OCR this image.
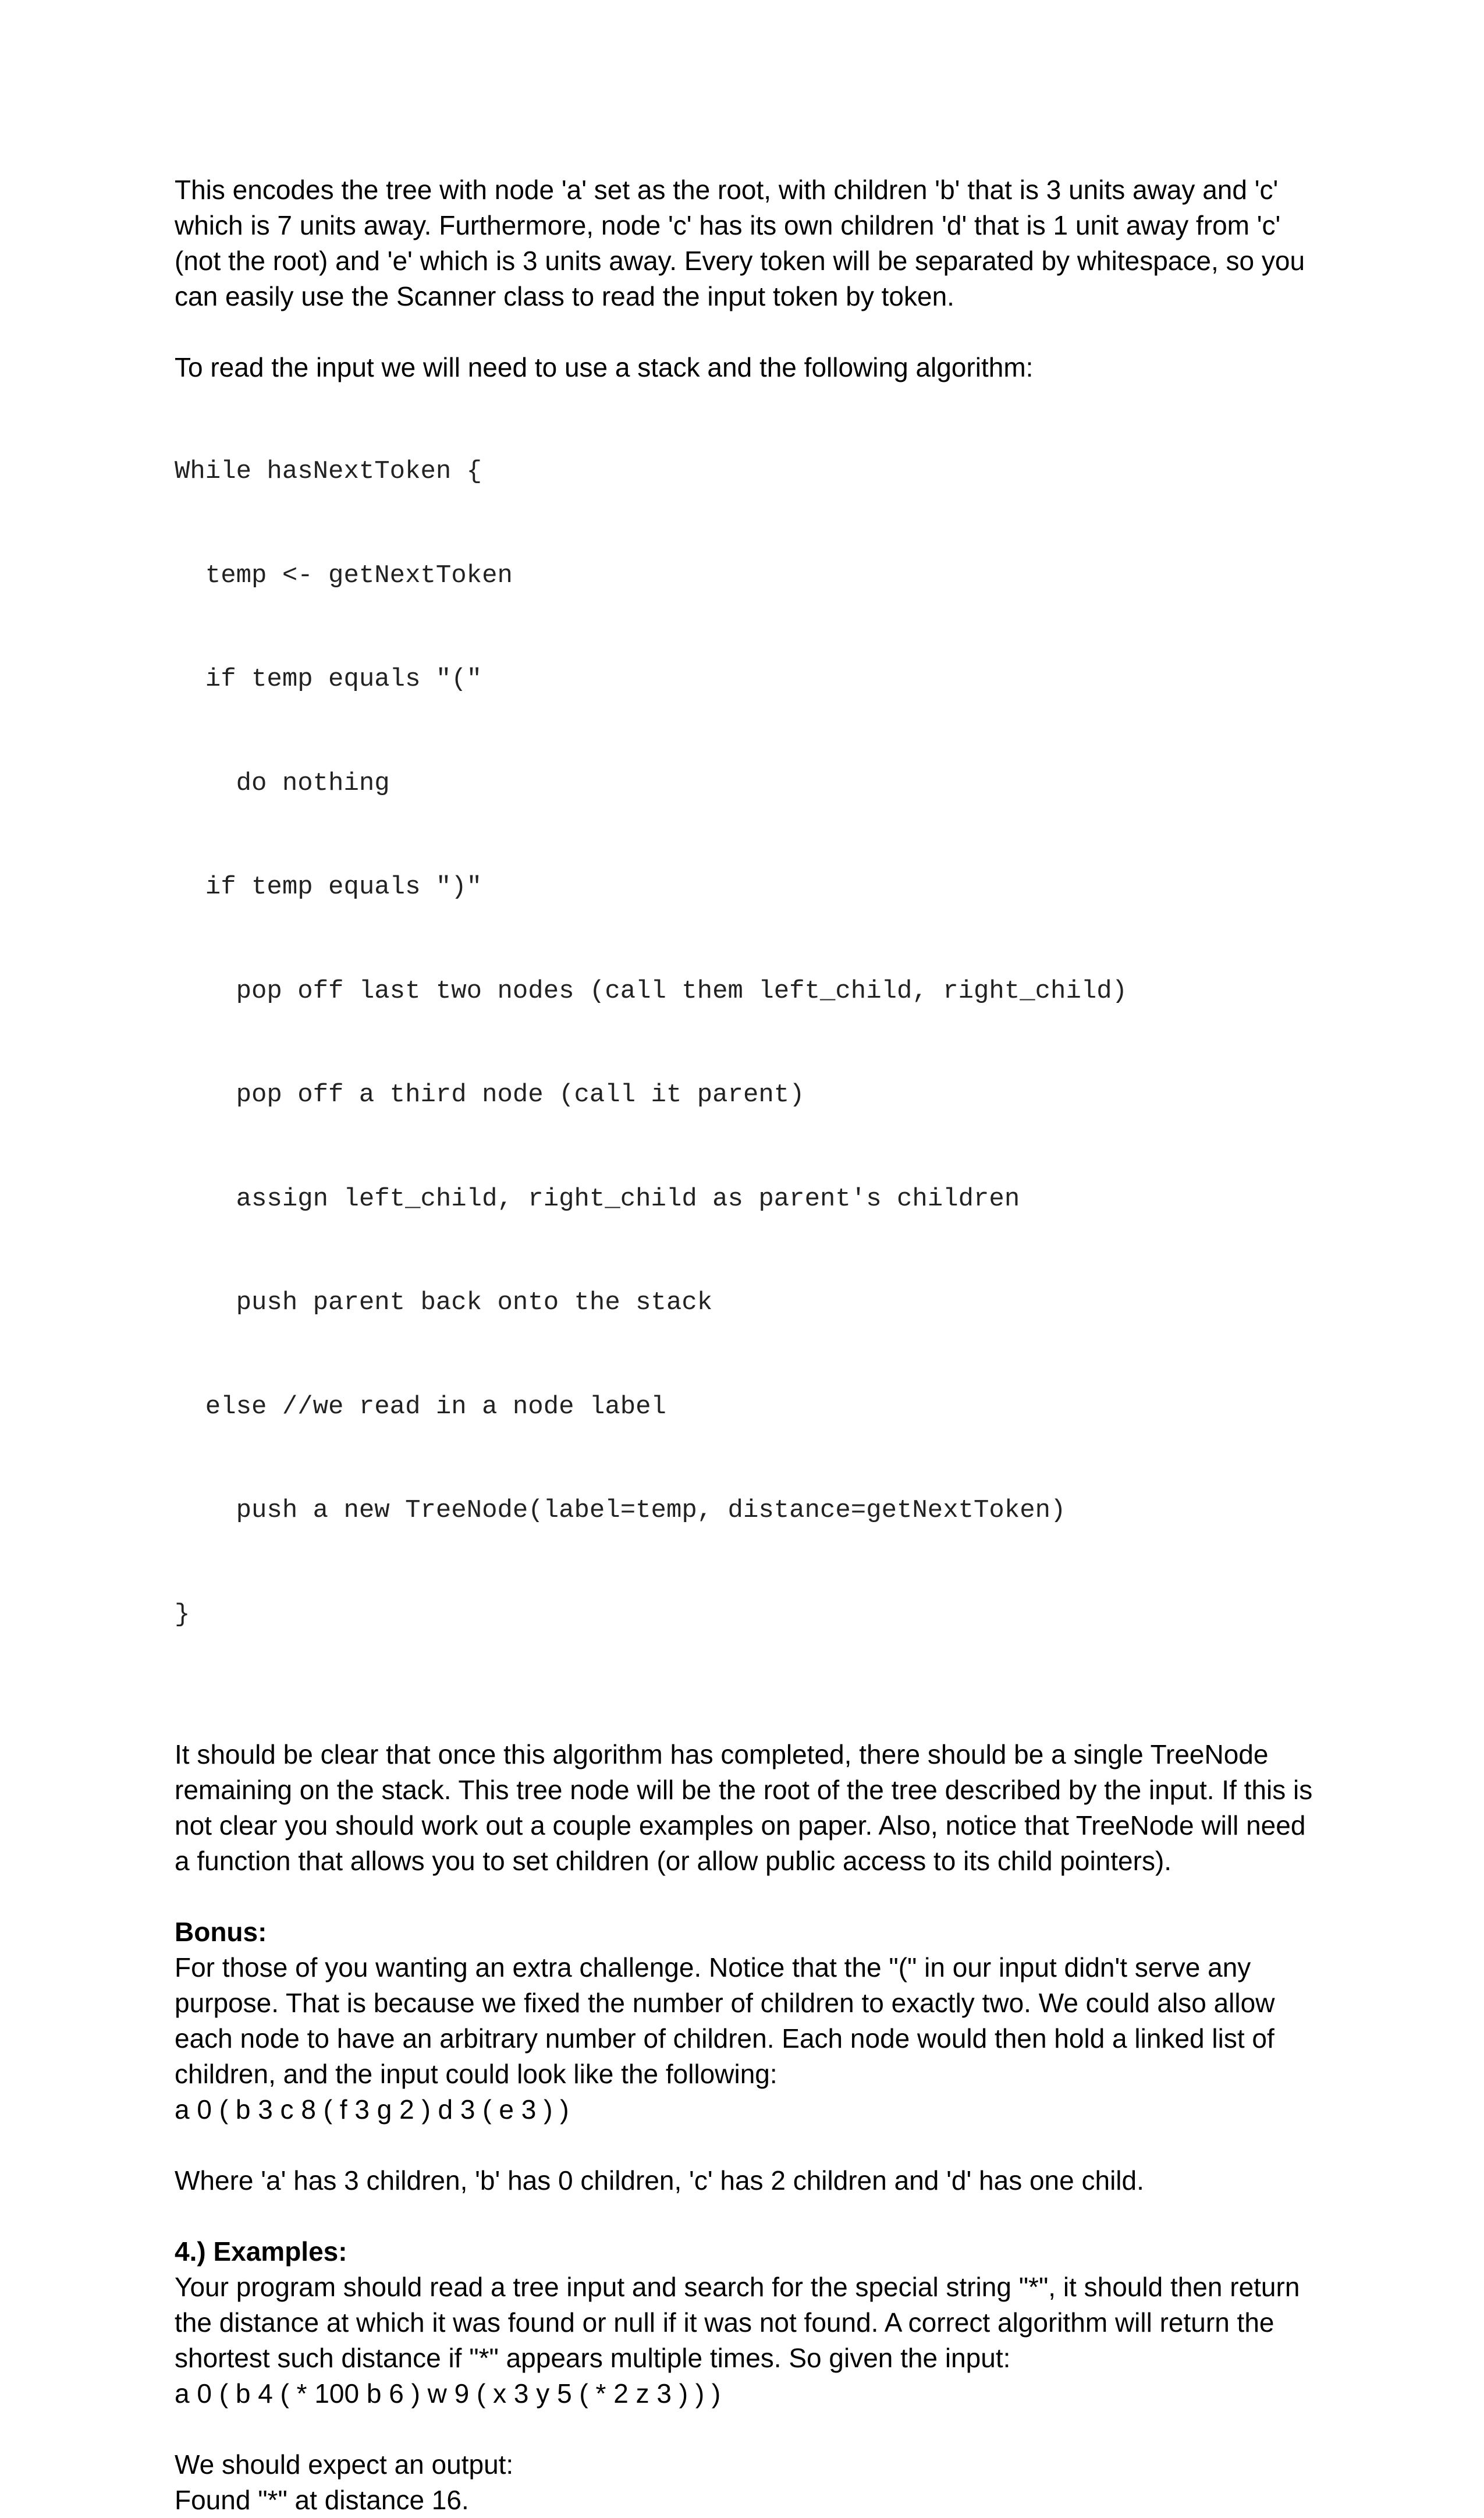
This encodes the tree with node 'a' set as the root, with children 'b' that is 3 units away and 'c'
which is 7 units away. Furthermore, node 'c' has its own children 'd' that is 1 unit away from 'c'
(not the root) and 'e' which is 3 units away. Every token will be separated by whitespace, so you
can easily use the Scanner class to read the input token by token.

To read the input we will need to use a stack and the following algorithm:

While hasNextToken {

temp <- getNextToken

if temp equals "("

do nothing

if temp equals ")"

pop off last two nodes (call them left_child, right_child)

pop off a third node (call it parent)

assign left_child, right_child as parent's children

push parent back onto the stack

else //we read in a node label

push a new TreeNode(label=temp, distance=getNextToken)

}

It should be clear that once this algorithm has completed, there should be a single TreeNode
remaining on the stack. This tree node will be the root of the tree described by the input. If this is
not clear you should work out a couple examples on paper. Also, notice that TreeNode will need
a function that allows you to set children (or allow public access to its child pointers).

Bonus:
For those of you wanting an extra challenge. Notice that the "(" in our input didn't serve any
purpose. That is because we fixed the number of children to exactly two. We could also allow
each node to have an arbitrary number of children. Each node would then hold a linked list of
children, and the input could look like the following:
a 0 ( b 3 c 8 ( f 3 g 2 ) d 3 ( e 3 ) )

Where 'a' has 3 children, 'b' has 0 children, 'c' has 2 children and 'd' has one child.

4.) Examples:
Your program should read a tree input and search for the special string "*", it should then return
the distance at which it was found or null if it was not found. A correct algorithm will return the
shortest such distance if "*" appears multiple times. So given the input:
a 0 ( b 4 ( * 100 b 6 ) w 9 ( x 3 y 5 ( * 2 z 3 ) ) )

We should expect an output:
Found "*" at distance 16.
